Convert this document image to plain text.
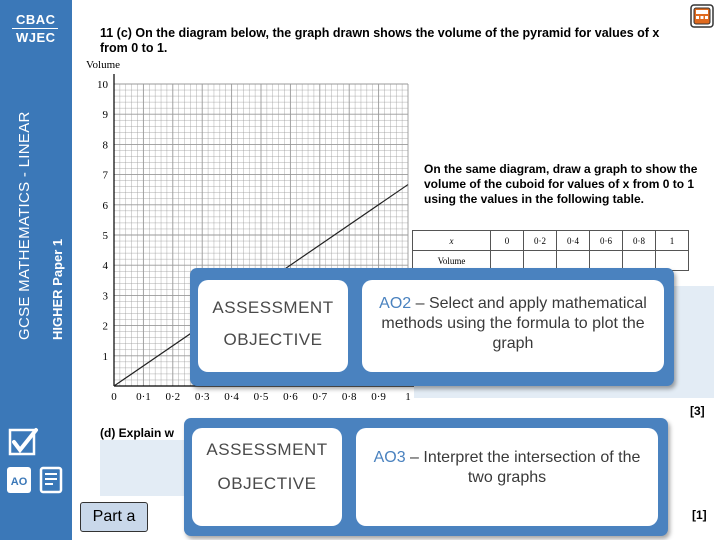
CBAC
WJEC
GCSE MATHEMATICS - LINEAR HIGHER Paper 1
AO
11 (c) On the diagram below, the graph drawn shows the volume of the pyramid for values of x from 0 to 1.
0 0·1 0·2 0·3 0·4 0·5 0·6 0·7 0·8 0·9 1
1
2
3
4
5
6
7
8
9
10
Volume
On the same diagram, draw a graph to show the volume of the cuboid for values of x from 0 to 1 using the values in the following table.
x	0	0·2	0·4	0·6	0·8	1
Volume						
[3]
(d) Explain w
[1]
Part a
ASSESSMENT
OBJECTIVE
AO2 – Select and apply mathematical methods using the formula to plot the graph
ASSESSMENT
OBJECTIVE
AO3 – Interpret the intersection of the two graphs
